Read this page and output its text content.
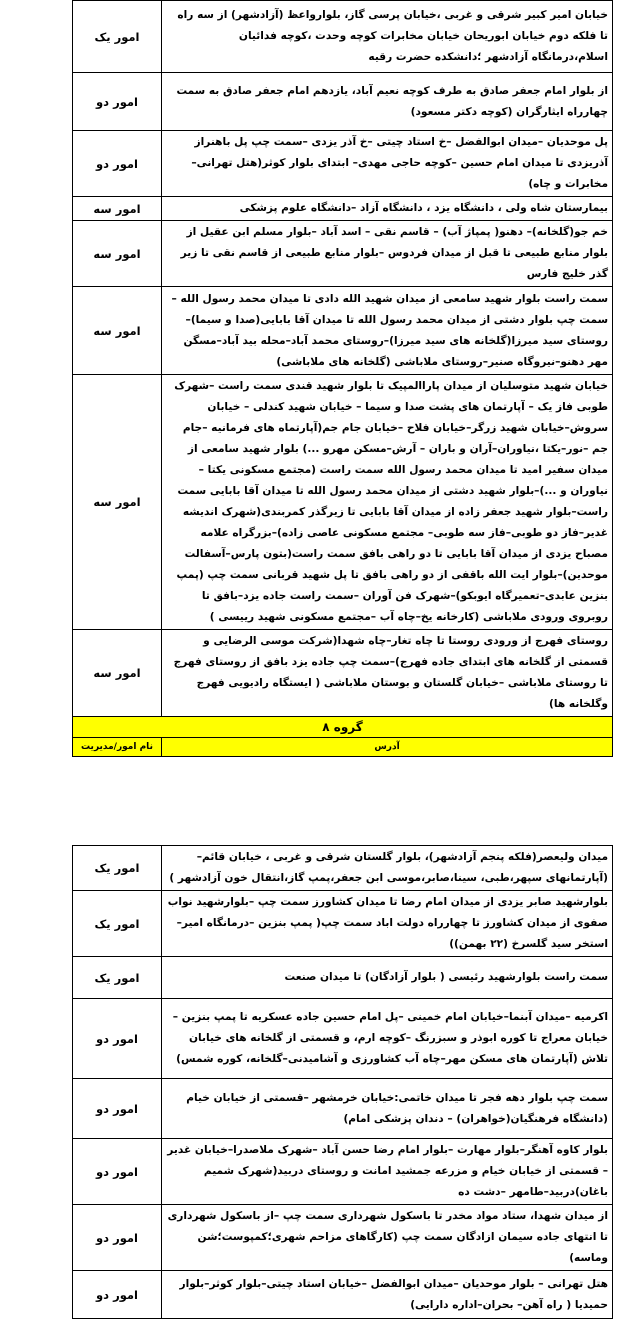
خیابان امیر کبیر شرقی و غربی ،خیابان پرسی گاز، بلوارواعظ (آزادشهر) از سه راه تا فلکه دوم خیابان ابوریحان خیابان مخابرات کوچه وحدت ،کوچه فدائیان اسلام،درمانگاه آزادشهر ؛دانشکده حضرت رقیه	امور یک
از بلوار امام جعفر صادق به طرف کوچه نعیم آباد، یازدهم امام جعفر صادق به سمت چهارراه ایثارگران (کوچه دکتر مسعود)	امور دو
پل موحدیان –میدان ابوالفضل –خ استاد چیتی –خ آذر یزدی –سمت چپ پل باهنراز آذریزدی تا میدان امام حسین –کوچه حاجی مهدی– ابتدای بلوار کوثر(هتل تهرانی–مخابرات و چاه)	امور دو
بیمارستان شاه ولی ، دانشگاه یزد ، دانشگاه آزاد –دانشگاه علوم پزشکی	امور سه
خم جو(گلخانه)– دهنو( پمپاژ آب) – قاسم نقی – اسد آباد –بلوار مسلم ابن عقیل از بلوار منابع طبیعی تا قبل از میدان فردوس –بلوار منابع طبیعی از قاسم نقی تا زیر گذر خلیج فارس	امور سه
سمت راست بلوار شهید سامعی از میدان شهید الله دادی تا میدان محمد رسول الله –سمت چپ بلوار دشتی از میدان محمد رسول الله تا میدان آقا بابایی(صدا و سیما)–روستای سید میرزا(گلخانه های سید میرزا)–روستای محمد آباد–محله بید آباد–مسگن مهر دهنو–نیروگاه صنیر–روستای ملاباشی (گلخانه های ملاباشی)	امور سه
خیابان شهید متوسلیان از میدان پاراالمپیک تا بلوار شهید قندی سمت راست –شهرک طوبی فاز یک – آپارتمان های پشت صدا و سیما – خیابان شهید کندلی – خیابان سروش–خیابان شهید زرگر–خیابان فلاح –خیابان جام جم(آپارتماه های فرمانیه –جام جم –نور–یکتا ،نیاوران–آران و باران – آرش–مسکن مهرو ...) بلوار شهید سامعی از میدان سفیر امید تا میدان محمد رسول الله سمت راست (مجتمع مسکونی یکتا – نیاوران و ...)–بلوار شهید دشتی از میدان محمد رسول الله تا میدان آقا بابایی سمت راست–بلوار شهید جعفر زاده از میدان آقا بابایی تا زیرگذر کمربندی(شهرک اندیشه غدیر–فاز دو طوبی–فاز سه طوبی– مجتمع مسکونی عاصی زاده)–بزرگراه علامه مصباح یزدی از میدان آقا بابایی تا دو راهی بافق سمت راست(بتون پارس–آسفالت موحدین)–بلوار ایت الله باقفی از دو راهی بافق تا پل شهید قربانی سمت چپ (پمپ بنزین عابدی–تعمیرگاه ایوبکو)–شهرک فن آوران –سمت راست جاده یزد–بافق تا روبروی ورودی ملاباشی (کارخانه یخ–چاه آب –مجتمع مسکونی شهید رییسی )	امور سه
روستای فهرج از ورودی روستا تا چاه تغار–چاه شهدا(شرکت موسی الرضایی و قسمتی از گلخانه های ابتدای جاده فهرج)–سمت چپ جاده یزد بافق از روستای فهرج تا روستای ملاباشی –خیابان گلستان و بوستان ملاباشی ( ایستگاه رادیویی فهرج وگلخانه ها)	امور سه
گروه ۸	
آدرس	نام امور/مدیریت
میدان ولیعصر(فلکه پنجم آزادشهر)، بلوار گلستان شرقی و غربی ، خیابان قائم–(آپارتمانهای سپهر،طبی، سینا،صابر،موسی ابن جعفر،پمپ گاز،انتقال خون آزادشهر )	امور یک
بلوارشهید صابر یزدی از میدان امام رضا تا میدان کشاورز سمت چپ –بلوارشهید نواب صفوی از میدان کشاورز تا چهارراه دولت اباد سمت چپ( پمپ بنزین –درمانگاه امیر–استخر سید گلسرخ (۲۲ بهمن))	امور یک
سمت راست بلوارشهید رئیسی ( بلوار آزادگان) تا میدان صنعت	امور یک
اکرمیه –میدان آبنما–خیابان امام خمینی –پل امام حسین جاده عسکریه تا پمپ بنزین –خیابان معراج تا کوره ابوذر و سبزرنگ –کوچه ارم، و قسمتی از گلخانه های خیابان تلاش (آپارتمان های مسکن مهر–چاه آب کشاورزی و آشامیدنی–گلخانه، کوره شمس)	امور دو
سمت چپ بلوار دهه فجر تا میدان خاتمی:خیابان خرمشهر –قسمتی از خیابان خیام (دانشگاه فرهنگیان(خواهران) – دندان پزشکی امام)	امور دو
بلوار کاوه آهنگر–بلوار مهارت –بلوار امام رضا حسن آباد –شهرک ملاصدرا–خیابان غدیر – قسمتی از خیابان خیام و مزرعه جمشید امانت و روستای دربید(شهرک شمیم باغان)دربید–طامهر –دشت ده	امور دو
از میدان شهدا، ستاد مواد مخدر تا باسکول شهرداری سمت چپ –از باسکول شهرداری تا انتهای جاده سیمان ازادگان سمت چپ (کارگاهای مزاحم شهری؛کمپوست؛شن وماسه)	امور دو
هتل تهرانی – بلوار موحدیان –میدان ابوالفضل –خیابان استاد چیتی–بلوار کوثر–بلوار حمیدیا ( راه آهن– بحران–اداره دارایی)	امور دو
